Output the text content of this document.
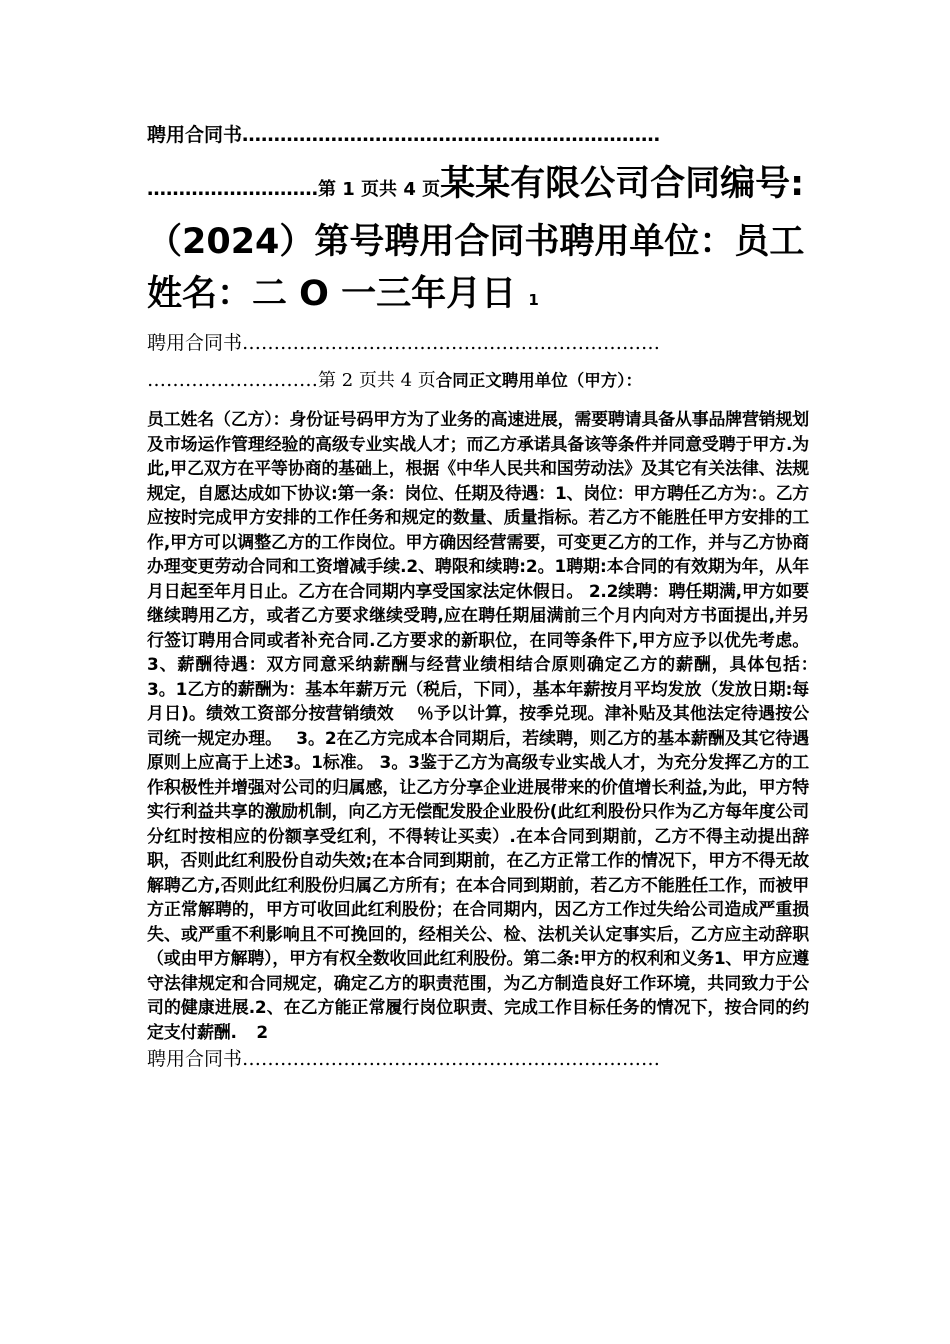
聘用合同书…………………………………………………………
………………………第 1 页共 4 页某某有限公司合同编号:（2024）第号聘用合同书聘用单位：员工姓名：二 O 一三年月日 1
聘用合同书…………………………………………………………
………………………第 2 页共 4 页合同正文聘用单位（甲方）：
员工姓名（乙方）：身份证号码甲方为了业务的高速进展，需要聘请具备从事品牌营销规划及市场运作管理经验的高级专业实战人才；而乙方承诺具备该等条件并同意受聘于甲方.为此,甲乙双方在平等协商的基础上，根据《中华人民共和国劳动法》及其它有关法律、法规规定，自愿达成如下协议:第一条：岗位、任期及待遇：1、岗位：甲方聘任乙方为：。乙方应按时完成甲方安排的工作任务和规定的数量、质量指标。若乙方不能胜任甲方安排的工作,甲方可以调整乙方的工作岗位。甲方确因经营需要，可变更乙方的工作，并与乙方协商办理变更劳动合同和工资增减手续.2、聘限和续聘:2。1聘期:本合同的有效期为年，从年月日起至年月日止。乙方在合同期内享受国家法定休假日。 2.2续聘：聘任期满,甲方如要继续聘用乙方，或者乙方要求继续受聘,应在聘任期届满前三个月内向对方书面提出,并另行签订聘用合同或者补充合同.乙方要求的新职位，在同等条件下,甲方应予以优先考虑。 3、薪酬待遇：双方同意采纳薪酬与经营业绩相结合原则确定乙方的薪酬，具体包括：　 3。1乙方的薪酬为：基本年薪万元（税后，下同），基本年薪按月平均发放（发放日期:每月日)。绩效工资部分按营销绩效　 ％予以计算，按季兑现。津补贴及其他法定待遇按公司统一规定办理。　 3。2在乙方完成本合同期后，若续聘，则乙方的基本薪酬及其它待遇原则上应高于上述3。1标准。 3。3鉴于乙方为高级专业实战人才，为充分发挥乙方的工作积极性并增强对公司的归属感，让乙方分享企业进展带来的价值增长利益,为此，甲方特实行利益共享的激励机制，向乙方无偿配发股企业股份(此红利股份只作为乙方每年度公司分红时按相应的份额享受红利，不得转让买卖）.在本合同到期前，乙方不得主动提出辞职，否则此红利股份自动失效;在本合同到期前，在乙方正常工作的情况下，甲方不得无故解聘乙方,否则此红利股份归属乙方所有；在本合同到期前，若乙方不能胜任工作，而被甲方正常解聘的，甲方可收回此红利股份；在合同期内，因乙方工作过失给公司造成严重损失、或严重不利影响且不可挽回的，经相关公、检、法机关认定事实后，乙方应主动辞职（或由甲方解聘），甲方有权全数收回此红利股份。第二条:甲方的权利和义务1、甲方应遵守法律规定和合同规定，确定乙方的职责范围，为乙方制造良好工作环境，共同致力于公司的健康进展.2、在乙方能正常履行岗位职责、完成工作目标任务的情况下，按合同的约定支付薪酬. 2
聘用合同书…………………………………………………………
